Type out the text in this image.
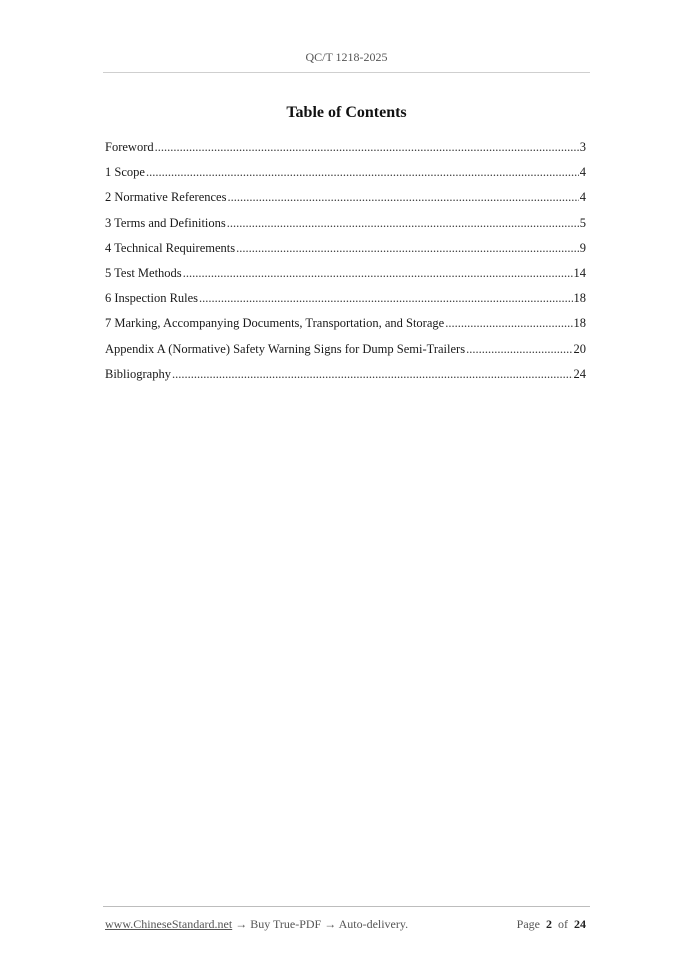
QC/T 1218-2025
Table of Contents
Foreword .....	3
1 Scope .....	4
2 Normative References .....	4
3 Terms and Definitions .....	5
4 Technical Requirements .....	9
5 Test Methods .....	14
6 Inspection Rules .....	18
7 Marking, Accompanying Documents, Transportation, and Storage .....	18
Appendix A (Normative) Safety Warning Signs for Dump Semi-Trailers .....	20
Bibliography .....	24
www.ChineseStandard.net → Buy True-PDF → Auto-delivery.	Page 2 of 24
